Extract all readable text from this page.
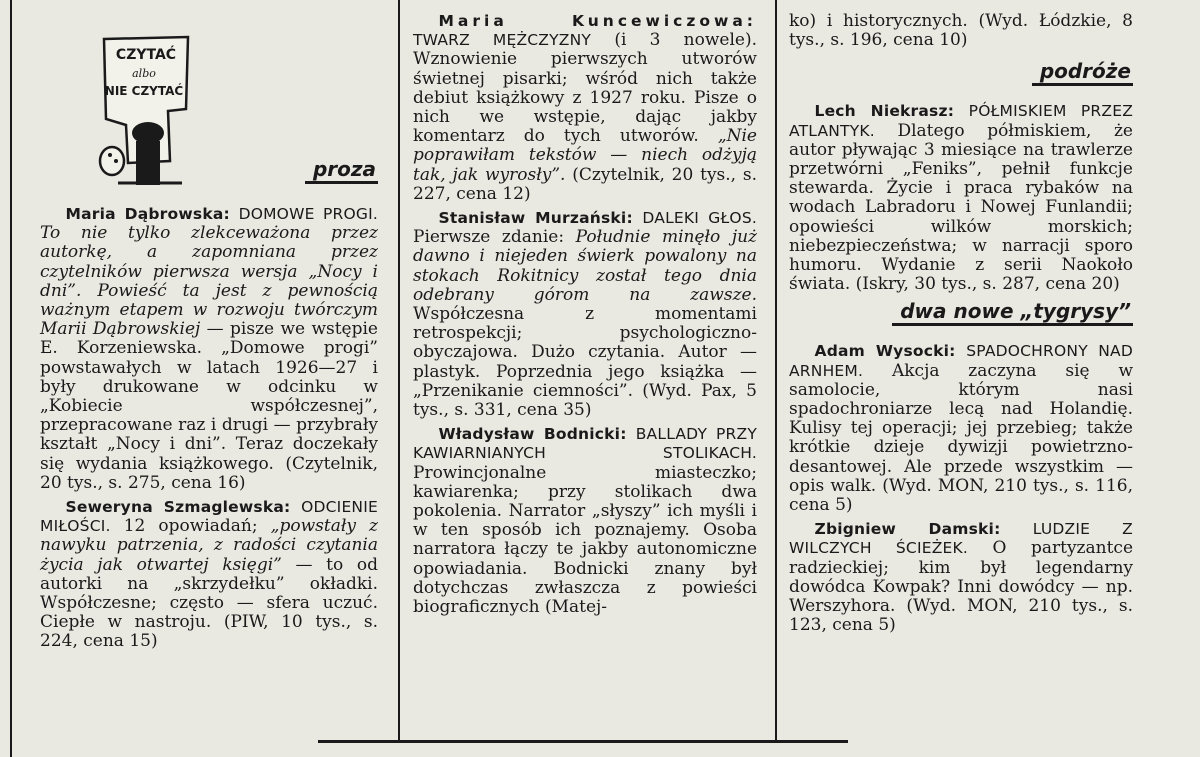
CZYTAĆ
albo
NIE CZYTAĆ
proza

Maria Dąbrowska: DOMOWE PROGI. To nie tylko zlekceważona przez autorkę, a zapomniana przez czytelników pierwsza wersja „Nocy i dni”. Powieść ta jest z pewnością ważnym etapem w rozwoju twórczym Marii Dąbrowskiej — pisze we wstępie E. Korzeniewska. „Domowe progi” powstawałych w latach 1926—27 i były drukowane w odcinku w „Kobiecie współczesnej”, przepracowane raz i drugi — przybrały kształt „Nocy i dni”. Teraz doczekały się wydania książkowego. (Czytelnik, 20 tys., s. 275, cena 16)

Seweryna Szmaglewska: ODCIENIE MIŁOŚCI. 12 opowiadań; „powstały z nawyku patrzenia, z radości czytania życia jak otwartej księgi” — to od autorki na „skrzydełku” okładki. Współczesne; często — sfera uczuć. Ciepłe w nastroju. (PIW, 10 tys., s. 224, cena 15)

Maria Kuncewiczowa: TWARZ MĘŻCZYZNY (i 3 nowele). Wznowienie pierwszych utworów świetnej pisarki; wśród nich także debiut książkowy z 1927 roku. Pisze o nich we wstępie, dając jakby komentarz do tych utworów. „Nie poprawiłam tekstów — niech odżyją tak, jak wyrosły”. (Czytelnik, 20 tys., s. 227, cena 12)

Stanisław Murzański: DALEKI GŁOS. Pierwsze zdanie: Południe minęło już dawno i niejeden świerk powalony na stokach Rokitnicy został tego dnia odebrany górom na zawsze. Współczesna z momentami retrospekcji; psychologiczno-obyczajowa. Dużo czytania. Autor — plastyk. Poprzednia jego książka — „Przenikanie ciemności”. (Wyd. Pax, 5 tys., s. 331, cena 35)

Władysław Bodnicki: BALLADY PRZY KAWIARNIANYCH STOLIKACH. Prowincjonalne miasteczko; kawiarenka; przy stolikach dwa pokolenia. Narrator „słyszy” ich myśli i w ten sposób ich poznajemy. Osoba narratora łączy te jakby autonomiczne opowiadania. Bodnicki znany był dotychczas zwłaszcza z powieści biograficznych (Matej-

ko) i historycznych. (Wyd. Łódzkie, 8 tys., s. 196, cena 10)

podróże

Lech Niekrasz: PÓŁMISKIEM PRZEZ ATLANTYK. Dlatego półmiskiem, że autor pływając 3 miesiące na trawlerze przetwórni „Feniks”, pełnił funkcje stewarda. Życie i praca rybaków na wodach Labradoru i Nowej Funlandii; opowieści wilków morskich; niebezpieczeństwa; w narracji sporo humoru. Wydanie z serii Naokoło świata. (Iskry, 30 tys., s. 287, cena 20)

dwa nowe „tygrysy”

Adam Wysocki: SPADOCHRONY NAD ARNHEM. Akcja zaczyna się w samolocie, którym nasi spadochroniarze lecą nad Holandię. Kulisy tej operacji; jej przebieg; także krótkie dzieje dywizji powietrzno-desantowej. Ale przede wszystkim — opis walk. (Wyd. MON, 210 tys., s. 116, cena 5)

Zbigniew Damski: LUDZIE Z WILCZYCH ŚCIEŻEK. O partyzantce radzieckiej; kim był legendarny dowódca Kowpak? Inni dowódcy — np. Werszyhora. (Wyd. MON, 210 tys., s. 123, cena 5)
